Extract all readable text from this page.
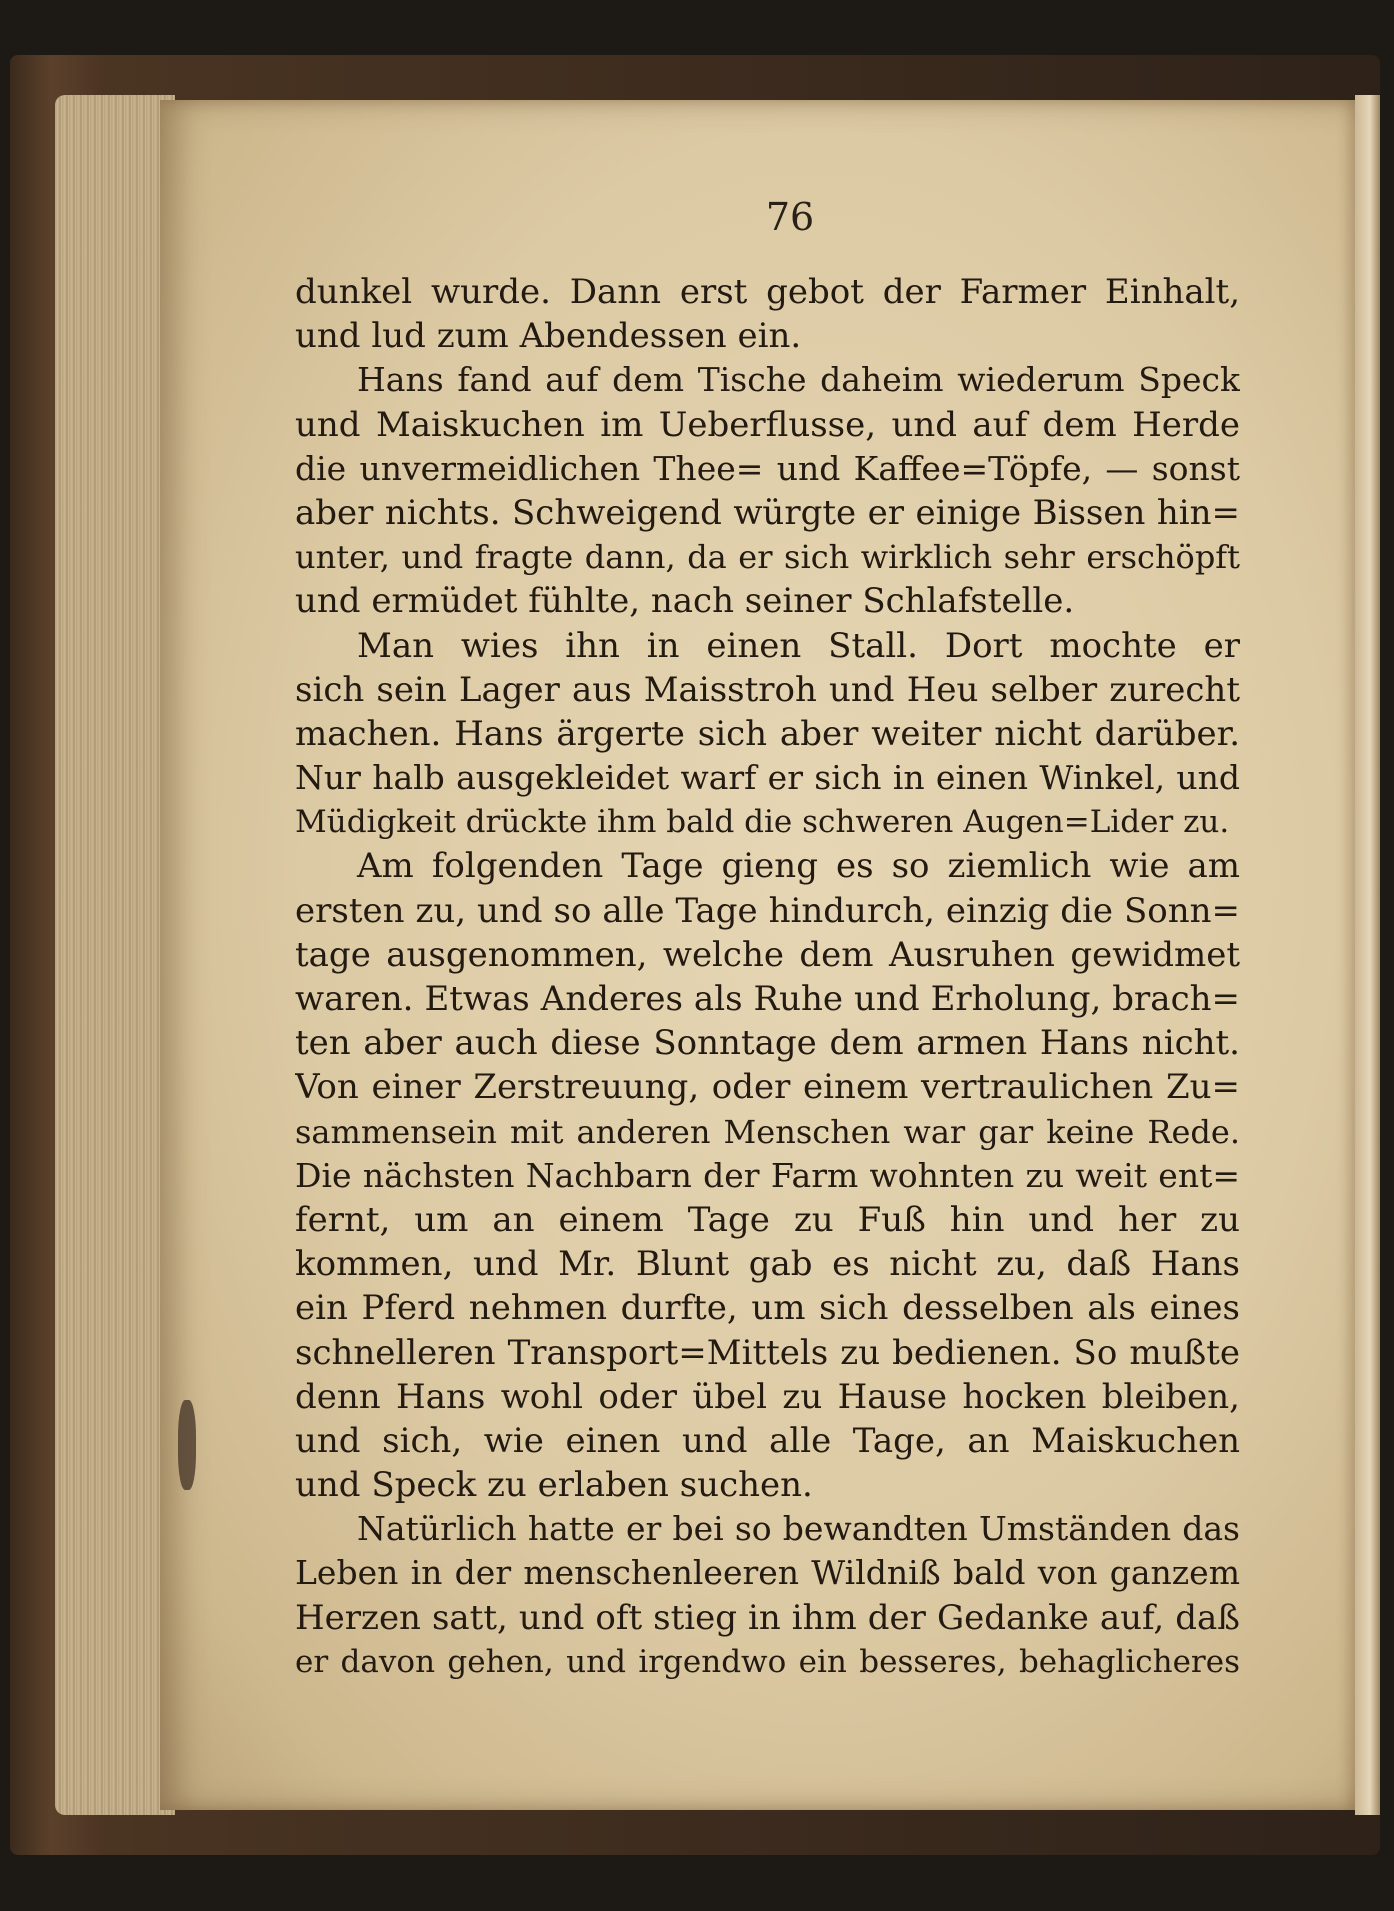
76
dunkel wurde. Dann erst gebot der Farmer Einhalt,
und lud zum Abendessen ein.
Hans fand auf dem Tische daheim wiederum Speck
und Maiskuchen im Ueberflusse, und auf dem Herde
die unvermeidlichen Thee= und Kaffee=Töpfe, — sonst
aber nichts. Schweigend würgte er einige Bissen hin=
unter, und fragte dann, da er sich wirklich sehr erschöpft
und ermüdet fühlte, nach seiner Schlafstelle.
Man wies ihn in einen Stall. Dort mochte er
sich sein Lager aus Maisstroh und Heu selber zurecht
machen. Hans ärgerte sich aber weiter nicht darüber.
Nur halb ausgekleidet warf er sich in einen Winkel, und
Müdigkeit drückte ihm bald die schweren Augen=Lider zu.
Am folgenden Tage gieng es so ziemlich wie am
ersten zu, und so alle Tage hindurch, einzig die Sonn=
tage ausgenommen, welche dem Ausruhen gewidmet
waren. Etwas Anderes als Ruhe und Erholung, brach=
ten aber auch diese Sonntage dem armen Hans nicht.
Von einer Zerstreuung, oder einem vertraulichen Zu=
sammensein mit anderen Menschen war gar keine Rede.
Die nächsten Nachbarn der Farm wohnten zu weit ent=
fernt, um an einem Tage zu Fuß hin und her zu
kommen, und Mr. Blunt gab es nicht zu, daß Hans
ein Pferd nehmen durfte, um sich desselben als eines
schnelleren Transport=Mittels zu bedienen. So mußte
denn Hans wohl oder übel zu Hause hocken bleiben,
und sich, wie einen und alle Tage, an Maiskuchen
und Speck zu erlaben suchen.
Natürlich hatte er bei so bewandten Umständen das
Leben in der menschenleeren Wildniß bald von ganzem
Herzen satt, und oft stieg in ihm der Gedanke auf, daß
er davon gehen, und irgendwo ein besseres, behaglicheres
